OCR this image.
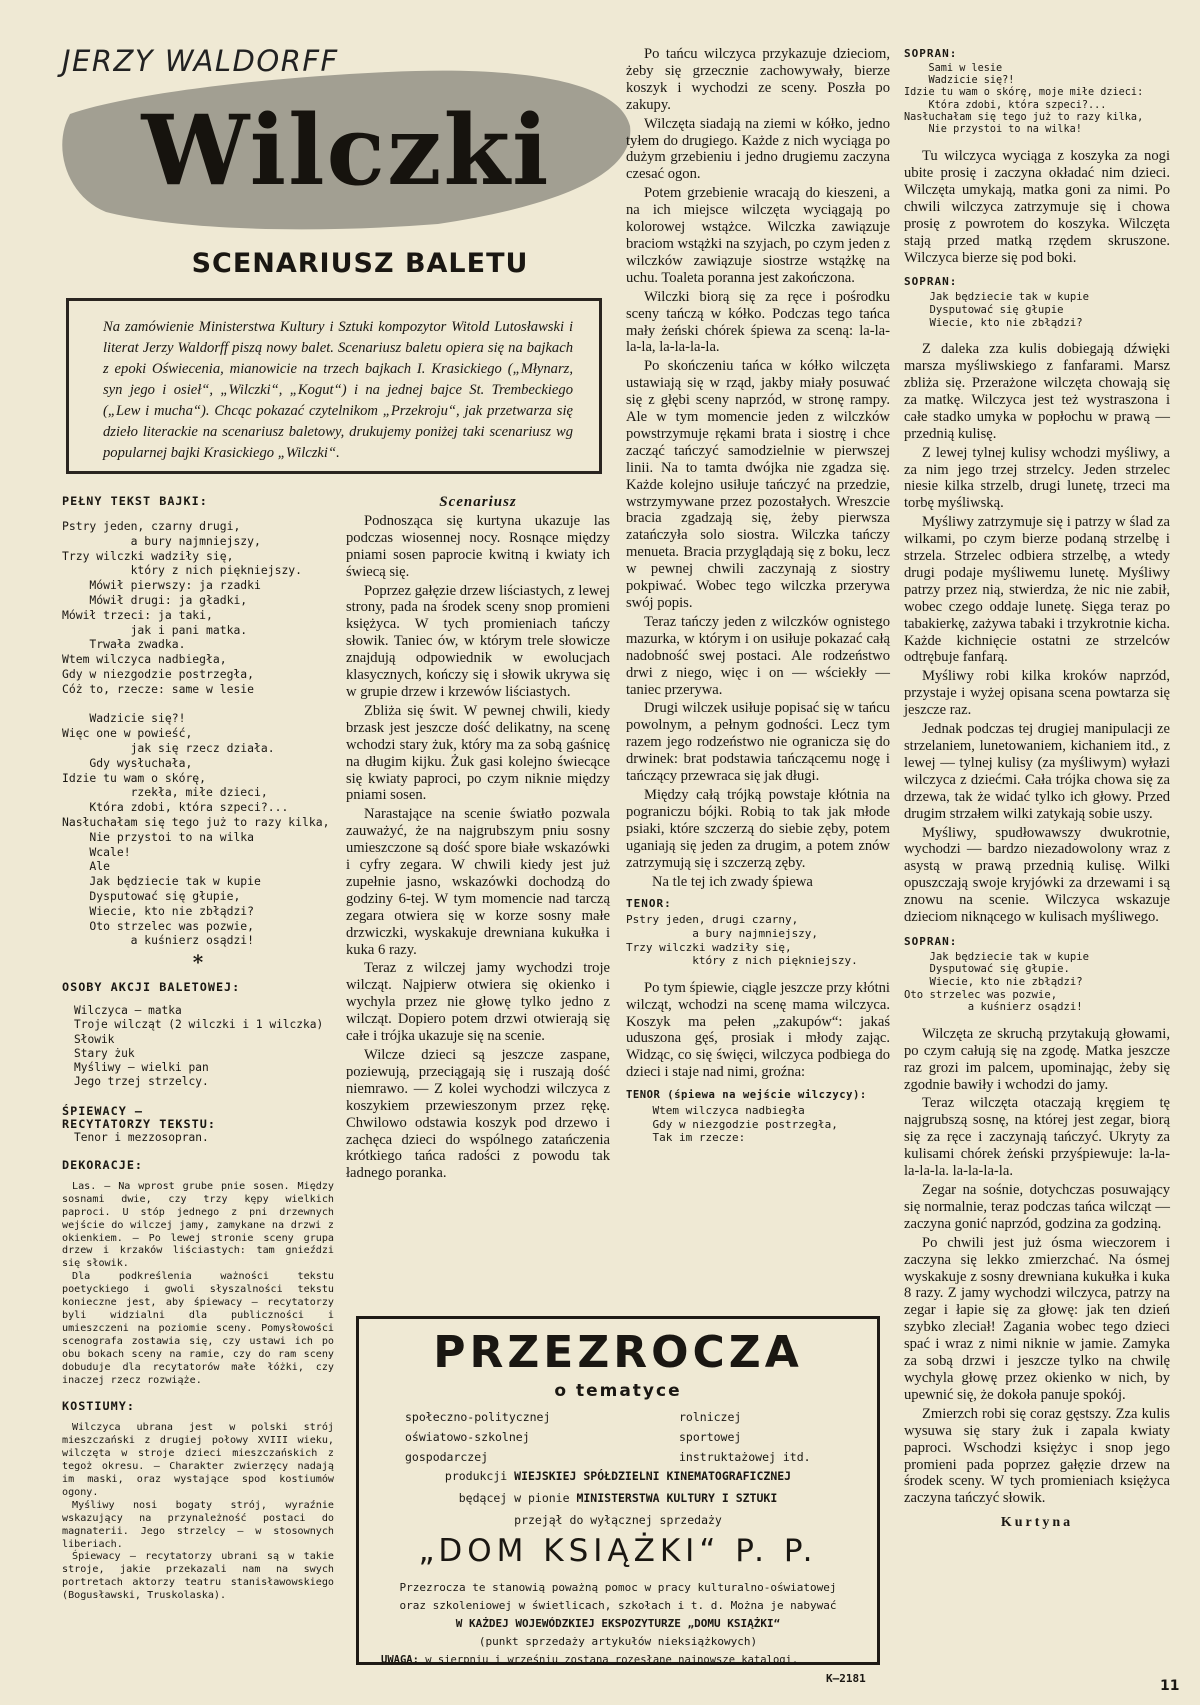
JERZY WALDORFF
Wilczki
SCENARIUSZ BALETU

Na zamówienie Ministerstwa Kultury i Sztuki kompozytor Witold Lutosławski i literat Jerzy Waldorff piszą nowy balet. Scenariusz baletu opiera się na bajkach z epoki Oświecenia, mianowicie na trzech bajkach I. Krasickiego („Młynarz, syn jego i osieł“, „Wilczki“, „Kogut“) i na jednej bajce St. Trembeckiego („Lew i mucha“). Chcąc pokazać czytelnikom „Przekroju“, jak przetwarza się dzieło literackie na scenariusz baletowy, drukujemy poniżej taki scenariusz wg popularnej bajki Krasickiego „Wilczki“.

PEŁNY TEKST BAJKI:
Pstry jeden, czarny drugi,
a bury najmniejszy,
Trzy wilczki wadziły się,
który z nich piękniejszy.
Mówił pierwszy: ja rzadki
Mówił drugi: ja gładki,
Mówił trzeci: ja taki,
jak i pani matka.
Trwała zwadka.
Wtem wilczyca nadbiegła,
Gdy w niezgodzie postrzegła,
Cóż to, rzecze: same w lesie

Wadzicie się?!
Więc one w powieść,
jak się rzecz działa.
Gdy wysłuchała,
Idzie tu wam o skórę,
rzekła, miłe dzieci,
Która zdobi, która szpeci?...
Nasłuchałam się tego już to razy kilka,
Nie przystoi to na wilka
Wcale!
Ale
Jak będziecie tak w kupie
Dysputować się głupie,
Wiecie, kto nie zbłądzi?
Oto strzelec was pozwie,
a kuśnierz osądzi!
*
OSOBY AKCJI BALETOWEJ:
Wilczyca — matka
Troje wilcząt (2 wilczki i 1 wilczka)
Słowik
Stary żuk
Myśliwy — wielki pan
Jego trzej strzelcy.
ŚPIEWACY —
RECYTATORZY TEKSTU:
Tenor i mezzosopran.
DEKORACJE:

Las. — Na wprost grube pnie sosen. Między sosnami dwie, czy trzy kępy wielkich paproci. U stóp jednego z pni drzewnych wejście do wilczej jamy, zamykane na drzwi z okienkiem. — Po lewej stronie sceny grupa drzew i krzaków liściastych: tam gnieździ się słowik.

Dla podkreślenia ważności tekstu poetyckiego i gwoli słyszalności tekstu konieczne jest, aby śpiewacy — recytatorzy byli widzialni dla publiczności i umieszczeni na poziomie sceny. Pomysłowości scenografa zostawia się, czy ustawi ich po obu bokach sceny na ramie, czy do ram sceny dobuduje dla recytatorów małe łóżki, czy inaczej rzecz rozwiąże.

KOSTIUMY:

Wilczyca ubrana jest w polski strój mieszczański z drugiej połowy XVIII wieku, wilczęta w stroje dzieci mieszczańskich z tegoż okresu. — Charakter zwierzęcy nadają im maski, oraz wystające spod kostiumów ogony.

Myśliwy nosi bogaty strój, wyraźnie wskazujący na przynależność postaci do magnaterii. Jego strzelcy — w stosownych liberiach.

Śpiewacy — recytatorzy ubrani są w takie stroje, jakie przekazali nam na swych portretach aktorzy teatru stanisławowskiego (Bogusławski, Truskolaska).

Scenariusz

Podnosząca się kurtyna ukazuje las podczas wiosennej nocy. Rosnące między pniami sosen paprocie kwitną i kwiaty ich świecą się.

Poprzez gałęzie drzew liściastych, z lewej strony, pada na środek sceny snop promieni księżyca. W tych promieniach tańczy słowik. Taniec ów, w którym trele słowicze znajdują odpowiednik w ewolucjach klasycznych, kończy się i słowik ukrywa się w grupie drzew i krzewów liściastych.

Zbliża się świt. W pewnej chwili, kiedy brzask jest jeszcze dość delikatny, na scenę wchodzi stary żuk, który ma za sobą gaśnicę na długim kijku. Żuk gasi kolejno świecące się kwiaty paproci, po czym niknie między pniami sosen.

Narastające na scenie światło pozwala zauważyć, że na najgrubszym pniu sosny umieszczone są dość spore białe wskazówki i cyfry zegara. W chwili kiedy jest już zupełnie jasno, wskazówki dochodzą do godziny 6-tej. W tym momencie nad tarczą zegara otwiera się w korze sosny małe drzwiczki, wyskakuje drewniana kukułka i kuka 6 razy.

Teraz z wilczej jamy wychodzi troje wilcząt. Najpierw otwiera się okienko i wychyla przez nie głowę tylko jedno z wilcząt. Dopiero potem drzwi otwierają się całe i trójka ukazuje się na scenie.

Wilcze dzieci są jeszcze zaspane, poziewują, przeciągają się i ruszają dość niemrawo. — Z kolei wychodzi wilczyca z koszykiem przewieszonym przez rękę. Chwilowo odstawia koszyk pod drzewo i zachęca dzieci do wspólnego zatańczenia krótkiego tańca radości z powodu tak ładnego poranka.

Po tańcu wilczyca przykazuje dzieciom, żeby się grzecznie zachowywały, bierze koszyk i wychodzi ze sceny. Poszła po zakupy.

Wilczęta siadają na ziemi w kółko, jedno tyłem do drugiego. Każde z nich wyciąga po dużym grzebieniu i jedno drugiemu zaczyna czesać ogon.

Potem grzebienie wracają do kieszeni, a na ich miejsce wilczęta wyciągają po kolorowej wstążce. Wilczka zawiązuje braciom wstążki na szyjach, po czym jeden z wilczków zawiązuje siostrze wstążkę na uchu. Toaleta poranna jest zakończona.

Wilczki biorą się za ręce i pośrodku sceny tańczą w kółko. Podczas tego tańca mały żeński chórek śpiewa za sceną: la-la-la-la, la-la-la-la.

Po skończeniu tańca w kółko wilczęta ustawiają się w rząd, jakby miały posuwać się z głębi sceny naprzód, w stronę rampy. Ale w tym momencie jeden z wilczków powstrzymuje rękami brata i siostrę i chce zacząć tańczyć samodzielnie w pierwszej linii. Na to tamta dwójka nie zgadza się. Każde kolejno usiłuje tańczyć na przedzie, wstrzymywane przez pozostałych. Wreszcie bracia zgadzają się, żeby pierwsza zatańczyła solo siostra. Wilczka tańczy menueta. Bracia przyglądają się z boku, lecz w pewnej chwili zaczynają z siostry pokpiwać. Wobec tego wilczka przerywa swój popis.

Teraz tańczy jeden z wilczków ognistego mazurka, w którym i on usiłuje pokazać całą nadobność swej postaci. Ale rodzeństwo drwi z niego, więc i on — wściekły — taniec przerywa.

Drugi wilczek usiłuje popisać się w tańcu powolnym, a pełnym godności. Lecz tym razem jego rodzeństwo nie ogranicza się do drwinek: brat podstawia tańczącemu nogę i tańczący przewraca się jak długi.

Między całą trójką powstaje kłótnia na pograniczu bójki. Robią to tak jak młode psiaki, które szczerzą do siebie zęby, potem uganiają się jeden za drugim, a potem znów zatrzymują się i szczerzą zęby.

Na tle tej ich zwady śpiewa

TENOR:
Pstry jeden, drugi czarny,
a bury najmniejszy,
Trzy wilczki wadziły się,
który z nich piękniejszy.

Po tym śpiewie, ciągle jeszcze przy kłótni wilcząt, wchodzi na scenę mama wilczyca. Koszyk ma pełen „zakupów“: jakaś uduszona gęś, prosiak i młody zając. Widząc, co się święci, wilczyca podbiega do dzieci i staje nad nimi, groźna:

TENOR (śpiewa na wejście wilczycy):
Wtem wilczyca nadbiegła
Gdy w niezgodzie postrzegła,
Tak im rzecze:
SOPRAN:
Sami w lesie
Wadzicie się?!
Idzie tu wam o skórę, moje miłe dzieci:
Która zdobi, która szpeci?...
Nasłuchałam się tego już to razy kilka,
Nie przystoi to na wilka!

Tu wilczyca wyciąga z koszyka za nogi ubite prosię i zaczyna okładać nim dzieci. Wilczęta umykają, matka goni za nimi. Po chwili wilczyca zatrzymuje się i chowa prosię z powrotem do koszyka. Wilczęta stają przed matką rzędem skruszone. Wilczyca bierze się pod boki.

SOPRAN:
Jak będziecie tak w kupie
Dysputować się głupie
Wiecie, kto nie zbłądzi?

Z daleka zza kulis dobiegają dźwięki marsza myśliwskiego z fanfarami. Marsz zbliża się. Przerażone wilczęta chowają się za matkę. Wilczyca jest też wystraszona i całe stadko umyka w popłochu w prawą — przednią kulisę.

Z lewej tylnej kulisy wchodzi myśliwy, a za nim jego trzej strzelcy. Jeden strzelec niesie kilka strzelb, drugi lunetę, trzeci ma torbę myśliwską.

Myśliwy zatrzymuje się i patrzy w ślad za wilkami, po czym bierze podaną strzelbę i strzela. Strzelec odbiera strzelbę, a wtedy drugi podaje myśliwemu lunetę. Myśliwy patrzy przez nią, stwierdza, że nic nie zabił, wobec czego oddaje lunetę. Sięga teraz po tabakierkę, zażywa tabaki i trzykrotnie kicha. Każde kichnięcie ostatni ze strzelców odtrębuje fanfarą.

Myśliwy robi kilka kroków naprzód, przystaje i wyżej opisana scena powtarza się jeszcze raz.

Jednak podczas tej drugiej manipulacji ze strzelaniem, lunetowaniem, kichaniem itd., z lewej — tylnej kulisy (za myśliwym) wyłazi wilczyca z dziećmi. Cała trójka chowa się za drzewa, tak że widać tylko ich głowy. Przed drugim strzałem wilki zatykają sobie uszy.

Myśliwy, spudłowawszy dwukrotnie, wychodzi — bardzo niezadowolony wraz z asystą w prawą przednią kulisę. Wilki opuszczają swoje kryjówki za drzewami i są znowu na scenie. Wilczyca wskazuje dzieciom niknącego w kulisach myśliwego.

SOPRAN:
Jak będziecie tak w kupie
Dysputować się głupie.
Wiecie, kto nie zbłądzi?
Oto strzelec was pozwie,
a kuśnierz osądzi!

Wilczęta ze skruchą przytakują głowami, po czym całują się na zgodę. Matka jeszcze raz grozi im palcem, upominając, żeby się zgodnie bawiły i wchodzi do jamy.

Teraz wilczęta otaczają kręgiem tę najgrubszą sosnę, na której jest zegar, biorą się za ręce i zaczynają tańczyć. Ukryty za kulisami chórek żeński przyśpiewuje: la-la-la-la-la. la-la-la-la.

Zegar na sośnie, dotychczas posuwający się normalnie, teraz podczas tańca wilcząt — zaczyna gonić naprzód, godzina za godziną.

Po chwili jest już ósma wieczorem i zaczyna się lekko zmierzchać. Na ósmej wyskakuje z sosny drewniana kukułka i kuka 8 razy. Z jamy wychodzi wilczyca, patrzy na zegar i łapie się za głowę: jak ten dzień szybko zleciał! Zagania wobec tego dzieci spać i wraz z nimi niknie w jamie. Zamyka za sobą drzwi i jeszcze tylko na chwilę wychyla głowę przez okienko w nich, by upewnić się, że dokoła panuje spokój.

Zmierzch robi się coraz gęstszy. Zza kulis wysuwa się stary żuk i zapala kwiaty paproci. Wschodzi księżyc i snop jego promieni pada poprzez gałęzie drzew na środek sceny. W tych promieniach księżyca zaczyna tańczyć słowik.

Kurtyna
PRZEZROCZA
o tematyce
społeczno-politycznej
oświatowo-szkolnej
gospodarczej
rolniczej
sportowej
instruktażowej itd.
produkcji WIEJSKIEJ SPÓŁDZIELNI KINEMATOGRAFICZNEJ
będącej w pionie MINISTERSTWA KULTURY I SZTUKI
przejął do wyłącznej sprzedaży
„DOM KSIĄŻKI“ P. P.
Przezrocza te stanowią poważną pomoc w pracy kulturalno-oświatowej
oraz szkoleniowej w świetlicach, szkołach i t. d. Można je nabywać
W KAŻDEJ WOJEWÓDZKIEJ EKSPOZYTURZE „DOMU KSIĄŻKI“
(punkt sprzedaży artykułów nieksiążkowych)
UWAGA: w sierpniu i wrześniu zostaną rozesłane najnowsze katalogi.
K—2181	11
